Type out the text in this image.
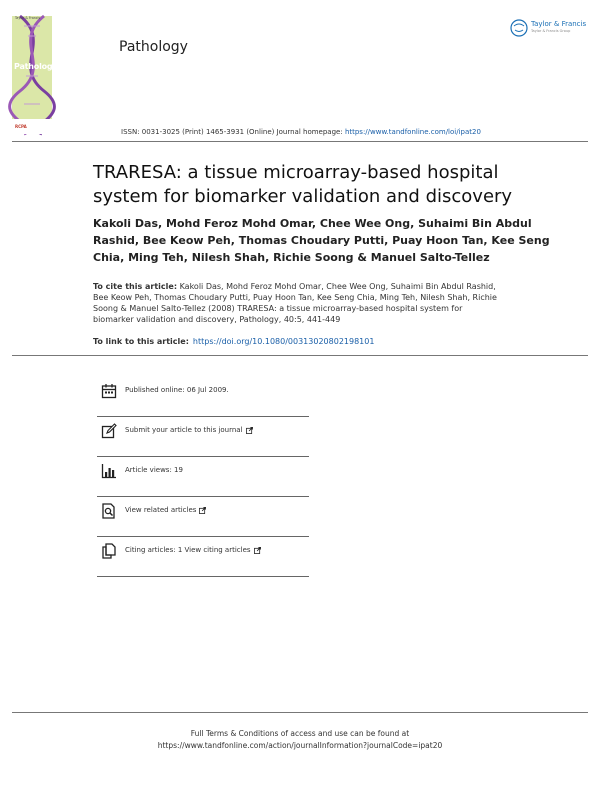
Taylor & Francis
Pathology
RCPA
Pathology
Taylor & Francis
Taylor & Francis Group
ISSN: 0031-3025 (Print) 1465-3931 (Online) Journal homepage: https://www.tandfonline.com/loi/ipat20
TRARESA: a tissue microarray-based hospital system for biomarker validation and discovery
Kakoli Das, Mohd Feroz Mohd Omar, Chee Wee Ong, Suhaimi Bin Abdul Rashid, Bee Keow Peh, Thomas Choudary Putti, Puay Hoon Tan, Kee Seng Chia, Ming Teh, Nilesh Shah, Richie Soong & Manuel Salto-Tellez
To cite this article: Kakoli Das, Mohd Feroz Mohd Omar, Chee Wee Ong, Suhaimi Bin Abdul Rashid, Bee Keow Peh, Thomas Choudary Putti, Puay Hoon Tan, Kee Seng Chia, Ming Teh, Nilesh Shah, Richie Soong & Manuel Salto-Tellez (2008) TRARESA: a tissue microarray-based hospital system for biomarker validation and discovery, Pathology, 40:5, 441-449
To link to this article: https://doi.org/10.1080/00313020802198101
Published online: 06 Jul 2009.
Submit your article to this journal
Article views: 19
View related articles
Citing articles: 1 View citing articles
Full Terms & Conditions of access and use can be found at
https://www.tandfonline.com/action/journalInformation?journalCode=ipat20
